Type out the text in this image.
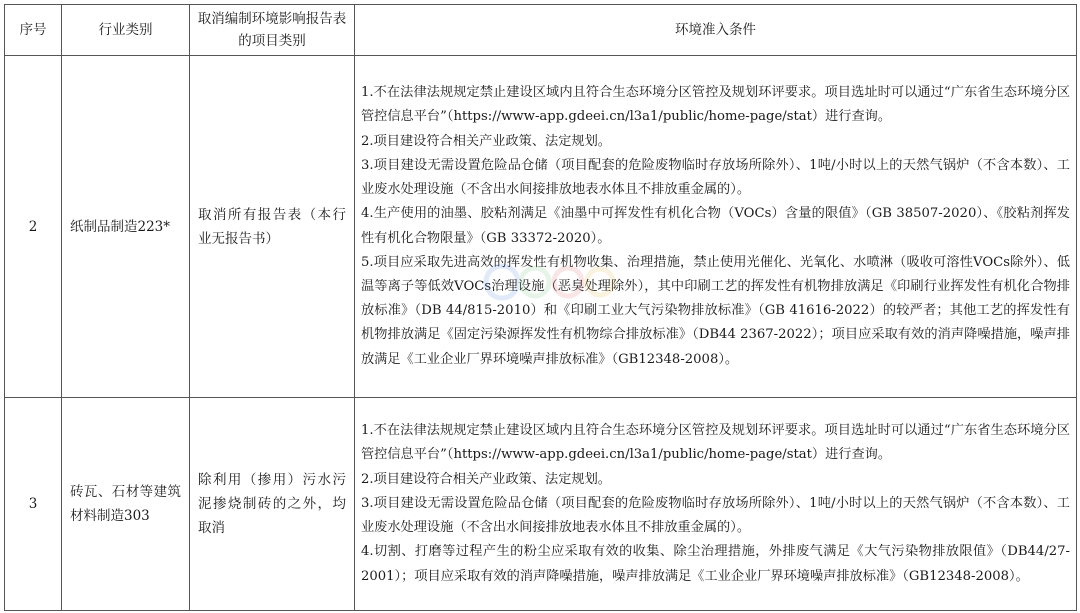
序号	行业类别	取消编制环境影响报告表的项目类别	环境准入条件
2	纸制品制造223*	取消所有报告表（本行业无报告书）	1.不在法律法规规定禁止建设区域内且符合生态环境分区管控及规划环评要求。项目选址时可以通过“广东省生态环境分区管控信息平台”（https://www-app.gdeei.cn/l3a1/public/home-page/stat）进行查询。

2.项目建设符合相关产业政策、法定规划。

3.项目建设无需设置危险品仓储（项目配套的危险废物临时存放场所除外）、1吨/小时以上的天然气锅炉（不含本数）、工业废水处理设施（不含出水间接排放地表水体且不排放重金属的）。

4.生产使用的油墨、胶粘剂满足《油墨中可挥发性有机化合物（VOCs）含量的限值》（GB 38507-2020）、《胶粘剂挥发性有机化合物限量》（GB 33372-2020）。

5.项目应采取先进高效的挥发性有机物收集、治理措施，禁止使用光催化、光氧化、水喷淋（吸收可溶性VOCs除外）、低温等离子等低效VOCs治理设施（恶臭处理除外），其中印刷工艺的挥发性有机物排放满足《印刷行业挥发性有机化合物排放标准》（DB 44/815-2010）和《印刷工业大气污染物排放标准》（GB 41616-2022）的较严者；其他工艺的挥发性有机物排放满足《固定污染源挥发性有机物综合排放标准》（DB44 2367-2022）；项目应采取有效的消声降噪措施，噪声排放满足《工业企业厂界环境噪声排放标准》（GB12348-2008）。

3	砖瓦、石材等建筑材料制造303	除利用（掺用）污水污泥掺烧制砖的之外，均取消	1.不在法律法规规定禁止建设区域内且符合生态环境分区管控及规划环评要求。项目选址时可以通过“广东省生态环境分区管控信息平台”（https://www-app.gdeei.cn/l3a1/public/home-page/stat）进行查询。

2.项目建设符合相关产业政策、法定规划。

3.项目建设无需设置危险品仓储（项目配套的危险废物临时存放场所除外）、1吨/小时以上的天然气锅炉（不含本数）、工业废水处理设施（不含出水间接排放地表水体且不排放重金属的）。

4.切割、打磨等过程产生的粉尘应采取有效的收集、除尘治理措施，外排废气满足《大气污染物排放限值》（DB44/27-2001）；项目应采取有效的消声降噪措施，噪声排放满足《工业企业厂界环境噪声排放标准》（GB12348-2008）。
